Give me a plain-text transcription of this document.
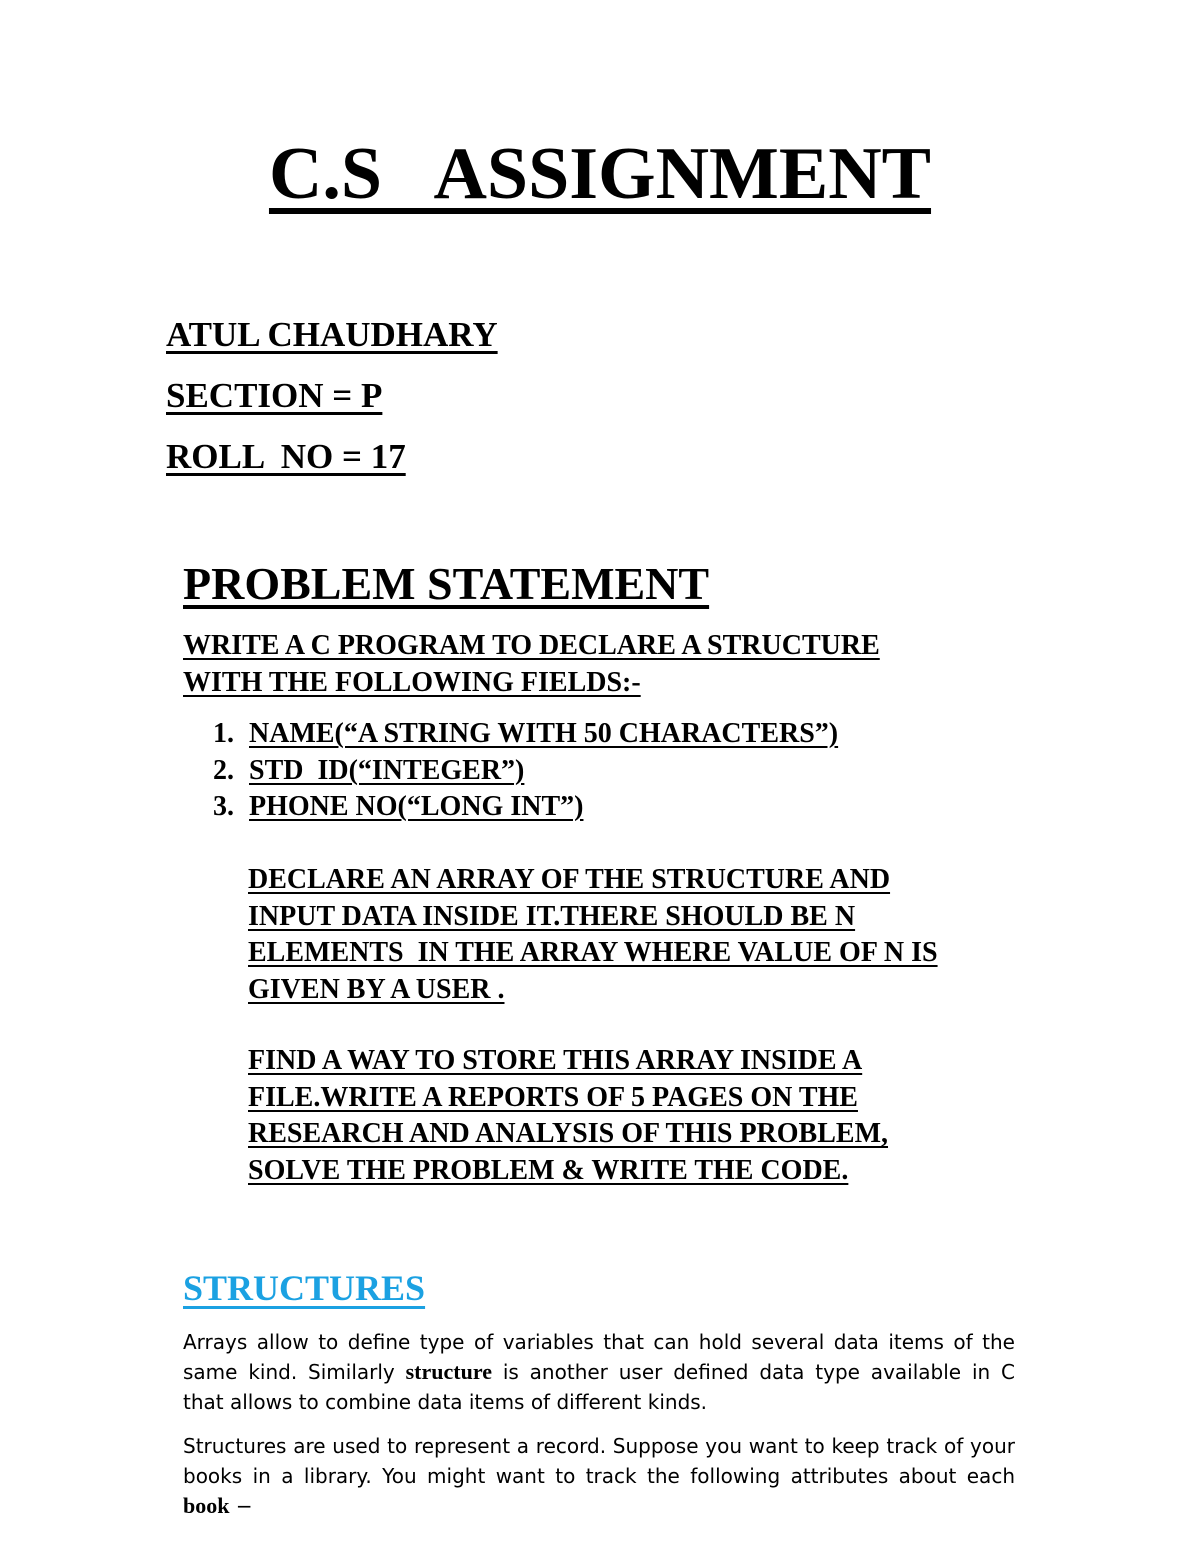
C.S   ASSIGNMENT
ATUL CHAUDHARY
SECTION = P
ROLL  NO = 17
PROBLEM STATEMENT
WRITE A C PROGRAM TO DECLARE A STRUCTURE
WITH THE FOLLOWING FIELDS:-
1. NAME(“A STRING WITH 50 CHARACTERS”)
2. STD  ID(“INTEGER”)
3. PHONE NO(“LONG INT”)
DECLARE AN ARRAY OF THE STRUCTURE AND
INPUT DATA INSIDE IT.THERE SHOULD BE N
ELEMENTS  IN THE ARRAY WHERE VALUE OF N IS
GIVEN BY A USER .
FIND A WAY TO STORE THIS ARRAY INSIDE A
FILE.WRITE A REPORTS OF 5 PAGES ON THE
RESEARCH AND ANALYSIS OF THIS PROBLEM,
SOLVE THE PROBLEM & WRITE THE CODE.
STRUCTURES
Arrays allow to define type of variables that can hold several data items of the
same kind. Similarly structure is another user defined data type available in C
that allows to combine data items of different kinds.
Structures are used to represent a record. Suppose you want to keep track of your
books in a library. You might want to track the following attributes about each
book −
